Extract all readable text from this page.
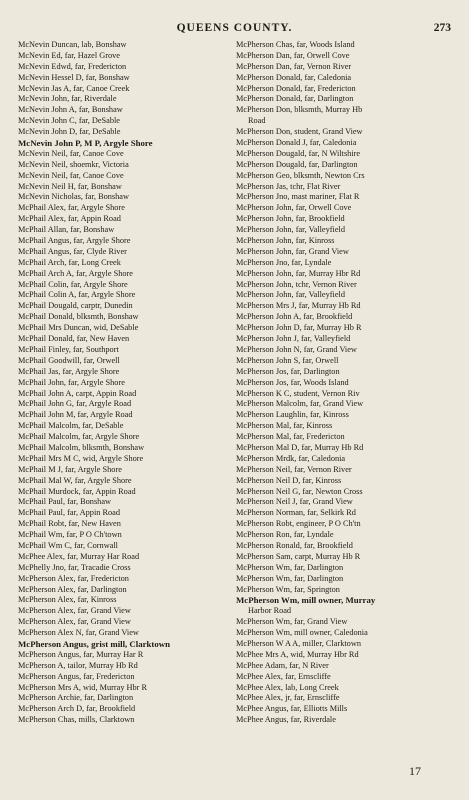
QUEENS COUNTY.	273
McNevin Duncan, lab, Bonshaw
McNevin Ed, far, Hazel Grove
McNevin Edwd, far, Fredericton
McNevin Hessel D, far, Bonshaw
McNevin Jas A, far, Canoe Creek
McNevin John, far, Riverdale
McNevin John A, far, Bonshaw
McNevin John C, far, DeSable
McNevin John D, far, DeSable
McNevin John P, M P, Argyle Shore
McNevin Neil, far, Canoe Cove
McNevin Neil, shoemkr, Victoria
McNevin Neil, far, Canoe Cove
McNevin Neil H, far, Bonshaw
McNevin Nicholas, far, Bonshaw
McPhail Alex, far, Argyle Shore
McPhail Alex, far, Appin Road
McPhail Allan, far, Bonshaw
McPhail Angus, far, Argyle Shore
McPhail Angus, far, Clyde River
McPhail Arch, far, Long Creek
McPhail Arch A, far, Argyle Shore
McPhail Colin, far, Argyle Shore
McPhail Colin A, far, Argyle Shore
McPhail Dougald, carptr, Dunedin
McPhail Donald, blksmth, Bonshaw
McPhail Mrs Duncan, wid, DeSable
McPhail Donald, far, New Haven
McPhail Finley, far, Southport
McPhail Goodwill, far, Orwell
McPhail Jas, far, Argyle Shore
McPhail John, far, Argyle Shore
McPhail John A, carpt, Appin Road
McPhail John G, far, Argyle Road
McPhail John M, far, Argyle Road
McPhail Malcolm, far, DeSable
McPhail Malcolm, far, Argyle Shore
McPhail Malcolm, blksmth, Bonshaw
McPhail Mrs M C, wid, Argyle Shore
McPhail M J, far, Argyle Shore
McPhail Mal W, far, Argyle Shore
McPhail Murdock, far, Appin Road
McPhail Paul, far, Bonshaw
McPhail Paul, far, Appin Road
McPhail Robt, far, New Haven
McPhail Wm, far, P O Ch'town
McPhail Wm C, far, Cornwall
McPhee Alex, far, Murray Har Road
McPhelly Jno, far, Tracadie Cross
McPherson Alex, far, Fredericton
McPherson Alex, far, Darlington
McPherson Alex, far, Kinross
McPherson Alex, far, Grand View
McPherson Alex, far, Grand View
McPherson Alex N, far, Grand View
McPherson Angus, grist mill, Clarktown
McPherson Angus, far, Murray Har R
McPherson A, tailor, Murray Hb Rd
McPherson Angus, far, Fredericton
McPherson Mrs A, wid, Murray Hbr R
McPherson Archie, far, Darlington
McPherson Arch D, far, Brookfield
McPherson Chas, mills, Clarktown
McPherson Chas, far, Woods Island
McPherson Dan, far, Orwell Cove
McPherson Dan, far, Vernon River
McPherson Donald, far, Caledonia
McPherson Donald, far, Fredericton
McPherson Donald, far, Darlington
McPherson Don, blksmth, Murray Hb
Road
McPherson Don, student, Grand View
McPherson Donald J, far, Caledonia
McPherson Dougald, far, N Wiltshire
McPherson Dougald, far, Darlington
McPherson Geo, blksmth, Newton Crs
McPherson Jas, tchr, Flat River
McPherson Jno, mast mariner, Flat R
McPherson John, far, Orwell Cove
McPherson John, far, Brookfield
McPherson John, far, Valleyfield
McPherson John, far, Kinross
McPherson John, far, Grand View
McPherson Jno, far, Lyndale
McPherson John, far, Murray Hbr Rd
McPherson John, tchr, Vernon River
McPherson John, far, Valleyfield
McPherson Mrs J, far, Murray Hb Rd
McPherson John A, far, Brookfield
McPherson John D, far, Murray Hb R
McPherson John J, far, Valleyfield
McPherson John N, far, Grand View
McPherson John S, far, Orwell
McPherson Jos, far, Darlington
McPherson Jos, far, Woods Island
McPherson K C, student, Vernon Riv
McPherson Malcolm, far, Grand View
McPherson Laughlin, far, Kinross
McPherson Mal, far, Kinross
McPherson Mal, far, Fredericton
McPherson Mal D, far, Murray Hb Rd
McPherson Mrdk, far, Caledonia
McPherson Neil, far, Vernon River
McPherson Neil D, far, Kinross
McPherson Neil G, far, Newton Cross
McPherson Neil J, far, Grand View
McPherson Norman, far, Selkirk Rd
McPherson Robt, engineer, P O Ch'tn
McPherson Ron, far, Lyndale
McPherson Ronald, far, Brookfield
McPherson Sam, carpt, Murray Hb R
McPherson Wm, far, Darlington
McPherson Wm, far, Darlington
McPherson Wm, far, Springton
McPherson Wm, mill owner, Murray
Harbor Road
McPherson Wm, far, Grand View
McPherson Wm, mill owner, Caledonia
McPherson W A A, miller, Clarktown
McPhee Mrs A, wid, Murray Hbr Rd
McPhee Adam, far, N River
McPhee Alex, far, Ernscliffe
McPhee Alex, lab, Long Creek
McPhee Alex, jr, far, Ernscliffe
McPhee Angus, far, Elliotts Mills
McPhee Angus, far, Riverdale
17
